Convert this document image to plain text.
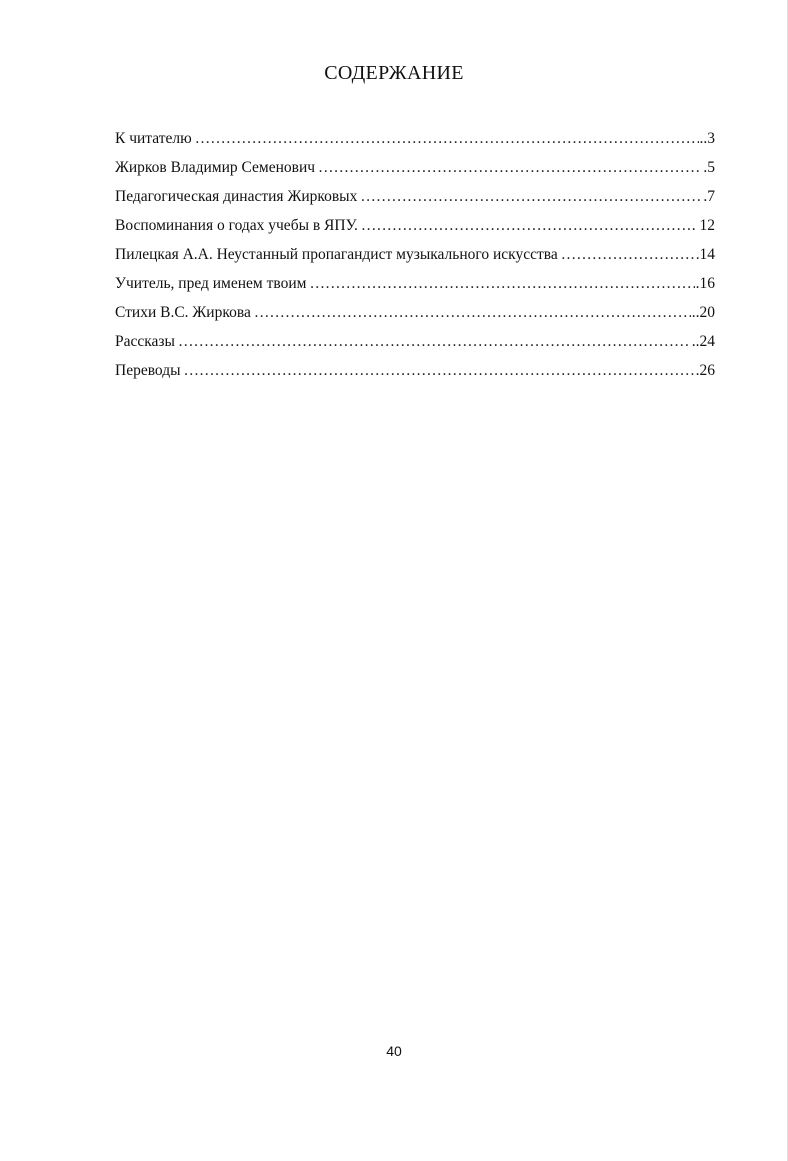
СОДЕРЖАНИЕ
К читателю ………………………………………………………………………………………………………………………………………………………………………	..3
Жирков Владимир Семенович ………………………………………………………………………………………………………………………………………………………………………	.5
Педагогическая династия Жирковых ………………………………………………………………………………………………………………………………………………………………………	.7
Воспоминания о годах учебы в ЯПУ. ………………………………………………………………………………………………………………………………………………………………………	. 12
Пилецкая А.А. Неустанный пропагандист музыкального искусства ………………………………………………………………………………………………………………………………………………………………………	14
Учитель, пред именем твоим ………………………………………………………………………………………………………………………………………………………………………	.16
Стихи В.С. Жиркова ………………………………………………………………………………………………………………………………………………………………………	..20
Рассказы ………………………………………………………………………………………………………………………………………………………………………	..24
Переводы ………………………………………………………………………………………………………………………………………………………………………	.26
40
